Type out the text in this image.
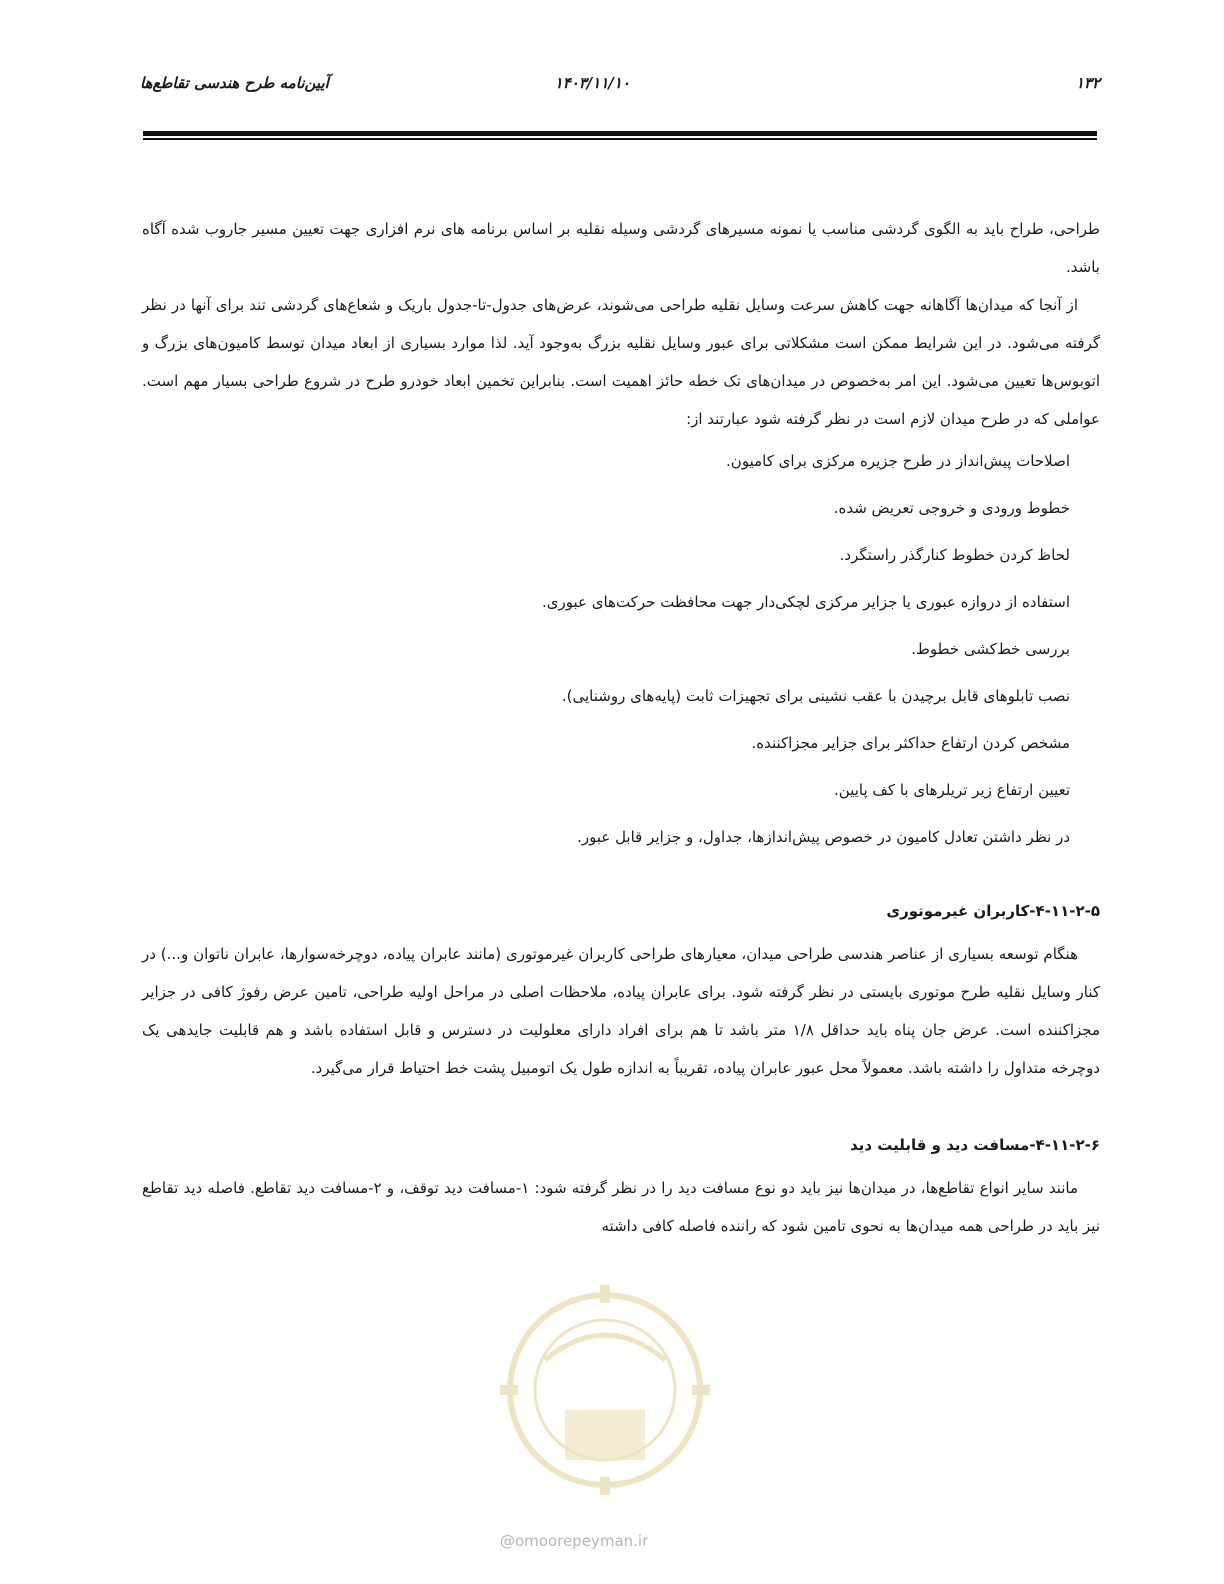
۱۳۲
۱۴۰۳/۱۱/۱۰
آیین‌نامه طرح هندسی تقاطع‌ها

طراحی، طراح باید به الگوی گردشی مناسب یا نمونه مسیرهای گردشی وسیله نقلیه بر اساس برنامه های نرم افزاری جهت تعیین مسیر جاروب شده آگاه باشد.

از آنجا که میدان‌ها آگاهانه جهت کاهش سرعت وسایل نقلیه طراحی می‌شوند، عرض‌های جدول-تا-جدول باریک و شعاع‌های گردشی تند برای آنها در نظر گرفته می‌شود. در این شرایط ممکن است مشکلاتی برای عبور وسایل نقلیه بزرگ به‌وجود آید. لذا موارد بسیاری از ابعاد میدان توسط کامیون‌های بزرگ و اتوبوس‌ها تعیین می‌شود. این امر به‌خصوص در میدان‌های تک خطه حائز اهمیت است. بنابراین تخمین ابعاد خودرو طرح در شروع طراحی بسیار مهم است. عواملی که در طرح میدان لازم است در نظر گرفته شود عبارتند از:

اصلاحات پیش‌انداز در طرح جزیره مرکزی برای کامیون.
خطوط ورودی و خروجی تعریض شده.
لحاظ کردن خطوط کنارگذر راستگرد.
استفاده از دروازه عبوری یا جزایر مرکزی لچکی‌دار جهت محافظت حرکت‌های عبوری.
بررسی خط‌کشی خطوط.
نصب تابلوهای قابل برچیدن با عقب نشینی برای تجهیزات ثابت (پایه‌های روشنایی).
مشخص کردن ارتفاع حداکثر برای جزایر مجزاکننده.
تعیین ارتفاع زیر تریلرهای با کف پایین.
در نظر داشتن تعادل کامیون در خصوص پیش‌اندازها، جداول، و جزایر قابل عبور.

۴-۱۱-۲-۵-کاربران غیرموتوری

هنگام توسعه بسیاری از عناصر هندسی طراحی میدان، معیارهای طراحی کاربران غیرموتوری (مانند عابران پیاده، دوچرخه‌سوارها، عابران ناتوان و...) در کنار وسایل نقلیه طرح موتوری بایستی در نظر گرفته شود. برای عابران پیاده، ملاحظات اصلی در مراحل اولیه طراحی، تامین عرض رفوژ کافی در جزایر مجزاکننده است. عرض جان پناه باید حداقل ۱/۸ متر باشد تا هم برای افراد دارای معلولیت در دسترس و قابل استفاده باشد و هم قابلیت جایدهی یک دوچرخه متداول را داشته باشد. معمولاً محل عبور عابران پیاده، تقریباً به اندازه طول یک اتومبیل پشت خط احتیاط قرار می‌گیرد.

۴-۱۱-۲-۶-مسافت دید و قابلیت دید

مانند سایر انواع تقاطع‌ها، در میدان‌ها نیز باید دو نوع مسافت دید را در نظر گرفته شود: ۱-مسافت دید توقف، و ۲-مسافت دید تقاطع. فاصله دید تقاطع نیز باید در طراحی همه میدان‌ها به نحوی تامین شود که راننده فاصله کافی داشته

@omoorepeyman.ir
